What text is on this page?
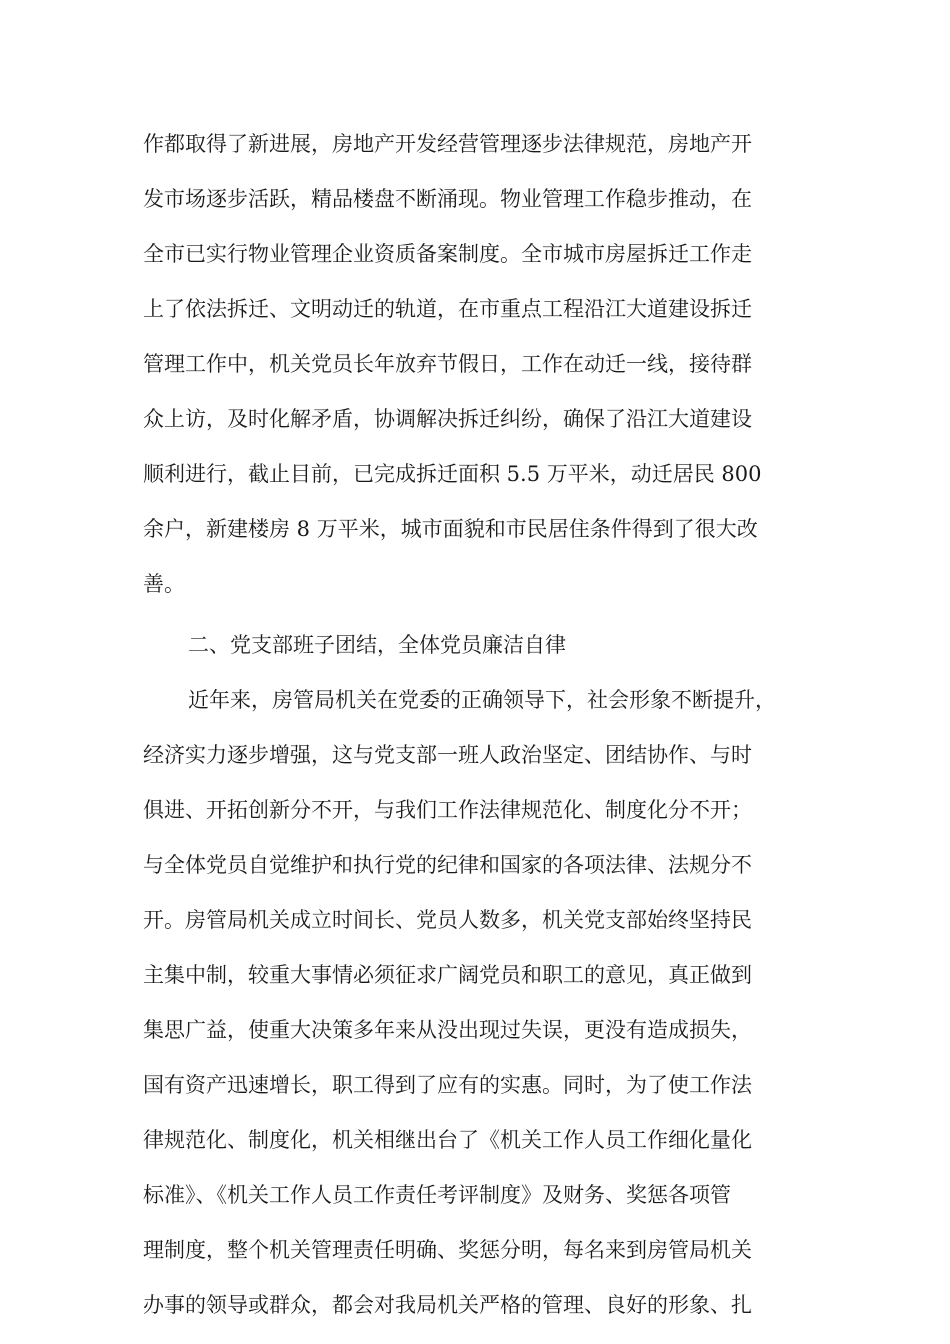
作都取得了新进展，房地产开发经营管理逐步法律规范，房地产开
发市场逐步活跃，精品楼盘不断涌现。物业管理工作稳步推动，在
全市已实行物业管理企业资质备案制度。全市城市房屋拆迁工作走
上了依法拆迁、文明动迁的轨道，在市重点工程沿江大道建设拆迁
管理工作中，机关党员长年放弃节假日，工作在动迁一线，接待群
众上访，及时化解矛盾，协调解决拆迁纠纷，确保了沿江大道建设
顺利进行，截止目前，已完成拆迁面积 5.5 万平米，动迁居民 800
余户，新建楼房 8 万平米，城市面貌和市民居住条件得到了很大改
善。
二、党支部班子团结，全体党员廉洁自律
近年来，房管局机关在党委的正确领导下，社会形象不断提升，
经济实力逐步增强，这与党支部一班人政治坚定、团结协作、与时
俱进、开拓创新分不开，与我们工作法律规范化、制度化分不开；
与全体党员自觉维护和执行党的纪律和国家的各项法律、法规分不
开。房管局机关成立时间长、党员人数多，机关党支部始终坚持民
主集中制，较重大事情必须征求广阔党员和职工的意见，真正做到
集思广益，使重大决策多年来从没出现过失误，更没有造成损失，
国有资产迅速增长，职工得到了应有的实惠。同时，为了使工作法
律规范化、制度化，机关相继出台了《机关工作人员工作细化量化
标准》、《机关工作人员工作责任考评制度》及财务、奖惩各项管
理制度，整个机关管理责任明确、奖惩分明，每名来到房管局机关
办事的领导或群众，都会对我局机关严格的管理、良好的形象、扎
